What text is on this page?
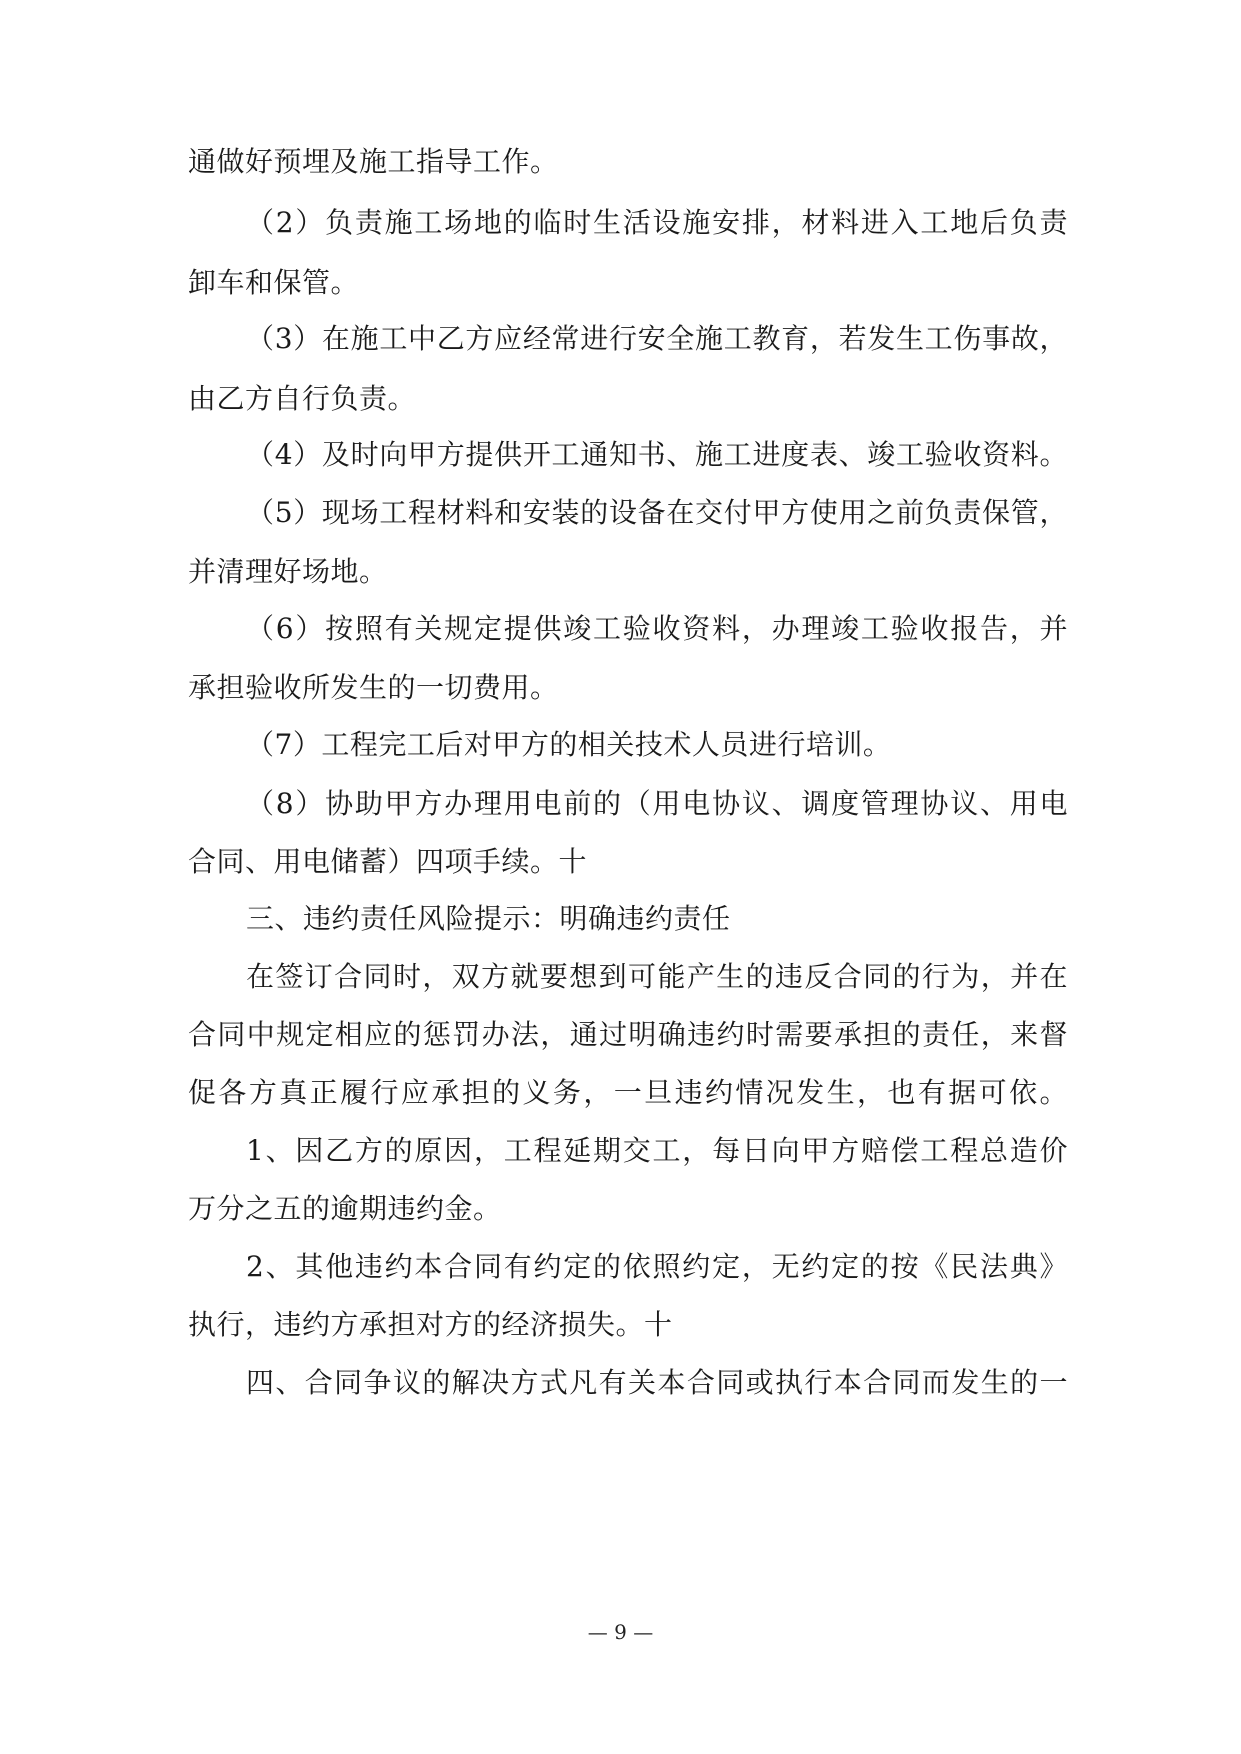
通做好预埋及施工指导工作。
（2）负责施工场地的临时生活设施安排，材料进入工地后负责
卸车和保管。
（3）在施工中乙方应经常进行安全施工教育，若发生工伤事故，
由乙方自行负责。
（4）及时向甲方提供开工通知书、施工进度表、竣工验收资料。
（5）现场工程材料和安装的设备在交付甲方使用之前负责保管，
并清理好场地。
（6）按照有关规定提供竣工验收资料，办理竣工验收报告，并
承担验收所发生的一切费用。
（7）工程完工后对甲方的相关技术人员进行培训。
（8）协助甲方办理用电前的（用电协议、调度管理协议、用电
合同、用电储蓄）四项手续。十
三、违约责任风险提示：明确违约责任
在签订合同时，双方就要想到可能产生的违反合同的行为，并在
合同中规定相应的惩罚办法，通过明确违约时需要承担的责任，来督
促各方真正履行应承担的义务，一旦违约情况发生，也有据可依。
1、因乙方的原因，工程延期交工，每日向甲方赔偿工程总造价
万分之五的逾期违约金。
2、其他违约本合同有约定的依照约定，无约定的按《民法典》
执行，违约方承担对方的经济损失。十
四、合同争议的解决方式凡有关本合同或执行本合同而发生的一
— 9 —
